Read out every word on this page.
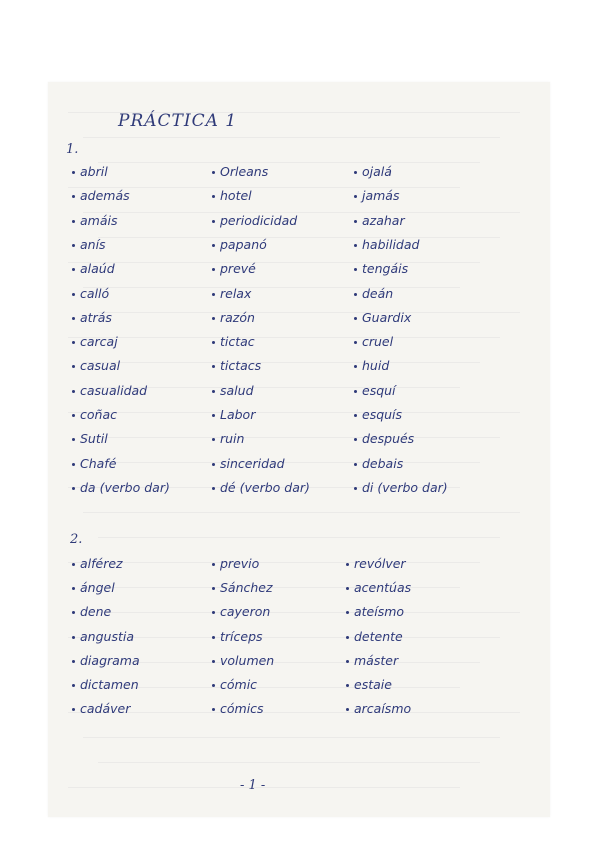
PRÁCTICA 1
1.
2.
abril
además
amáis
anís
alaúd
calló
atrás
carcaj
casual
casualidad
coñac
Sutil
Chafé
da (verbo dar)
Orleans
hotel
periodicidad
papanó
prevé
relax
razón
tictac
tictacs
salud
Labor
ruin
sinceridad
dé (verbo dar)
ojalá
jamás
azahar
habilidad
tengáis
deán
Guardix
cruel
huid
esquí
esquís
después
debais
di (verbo dar)
alférez
ángel
dene
angustia
diagrama
dictamen
cadáver
previo
Sánchez
cayeron
tríceps
volumen
cómic
cómics
revólver
acentúas
ateísmo
detente
máster
estaie
arcaísmo
- 1 -
